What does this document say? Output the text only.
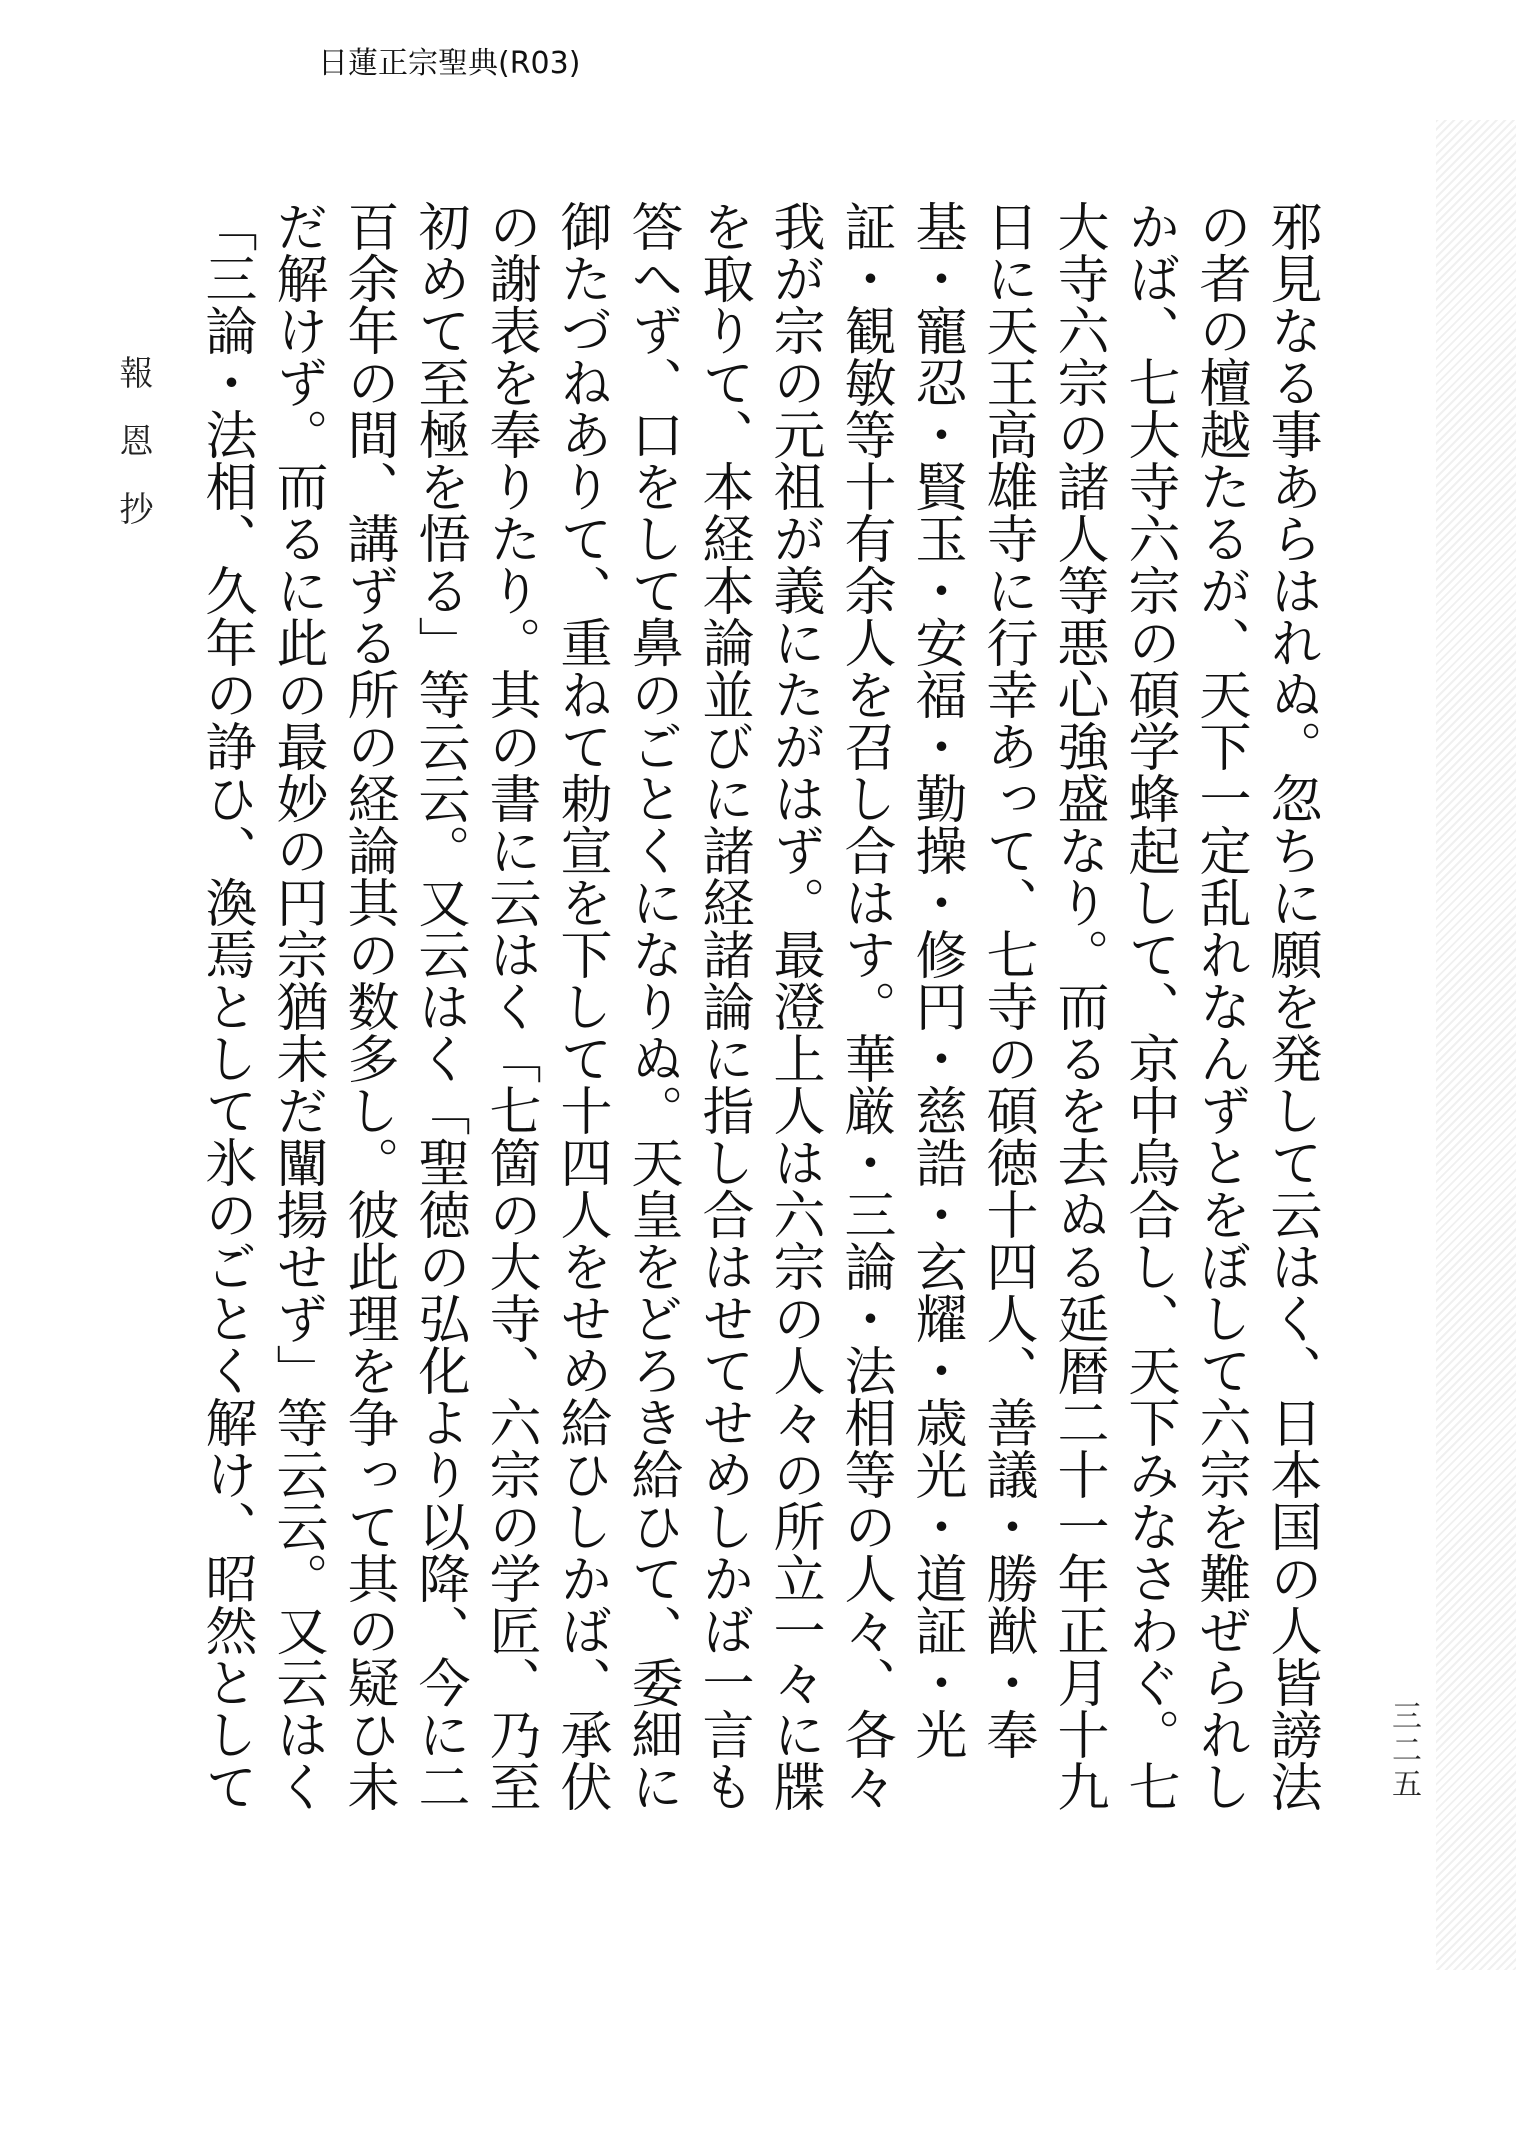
日蓮正宗聖典(R03)

邪見なる事あらはれぬ。忽ちに願を発して云はく、日本国の人皆謗法の者の檀越たるが、天下一定乱れなんずとをぼして六宗を難ぜられしかば、七大寺六宗の碩学蜂起して、京中烏合し、天下みなさわぐ。七大寺六宗の諸人等悪心強盛なり。而るを去ぬる延暦二十一年正月十九日に天王高雄寺に行幸あって、七寺の碩徳十四人、善議・勝猷・奉基・寵忍・賢玉・安福・勤操・修円・慈誥・玄耀・歳光・道証・光証・観敏等十有余人を召し合はす。華厳・三論・法相等の人々、各々我が宗の元祖が義にたがはず。最澄上人は六宗の人々の所立一々に牒を取りて、本経本論並びに諸経諸論に指し合はせてせめしかば一言も答へず、口をして鼻のごとくになりぬ。天皇をどろき給ひて、委細に御たづねありて、重ねて勅宣を下して十四人をせめ給ひしかば、承伏の謝表を奉りたり。其の書に云はく「七箇の大寺、六宗の学匠、乃至初めて至極を悟る」等云云。又云はく「聖徳の弘化より以降、今に二百余年の間、講ずる所の経論其の数多し。彼此理を争って其の疑ひ未だ解けず。而るに此の最妙の円宗猶未だ闡揚せず」等云云。又云はく「三論・法相、久年の諍ひ、渙焉として氷のごとく解け、昭然として

報恩抄
三二五
